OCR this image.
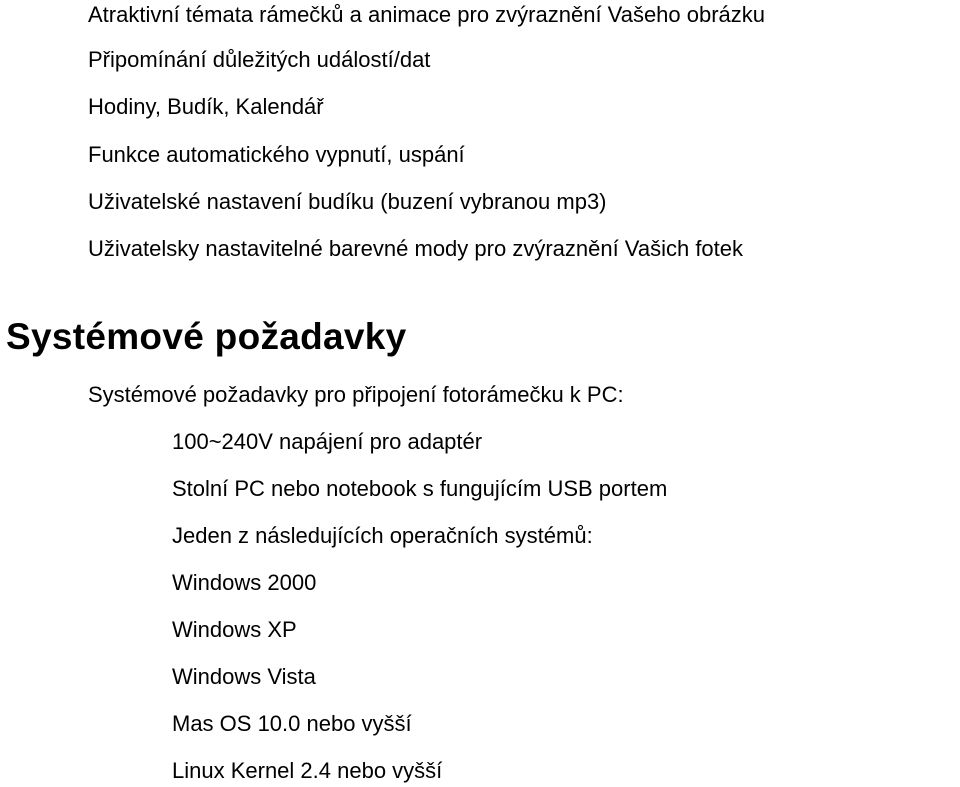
Atraktivní témata rámečků a animace pro zvýraznění Vašeho obrázku
Připomínání důležitých událostí/dat
Hodiny, Budík, Kalendář
Funkce automatického vypnutí, uspání
Uživatelské nastavení budíku (buzení vybranou mp3)
Uživatelsky nastavitelné barevné mody pro zvýraznění Vašich fotek
Systémové požadavky
Systémové požadavky pro připojení fotorámečku k PC:
100~240V napájení pro adaptér
Stolní PC nebo notebook s fungujícím USB portem
Jeden z následujících operačních systémů:
Windows 2000
Windows XP
Windows Vista
Mas OS 10.0 nebo vyšší
Linux Kernel 2.4 nebo vyšší
